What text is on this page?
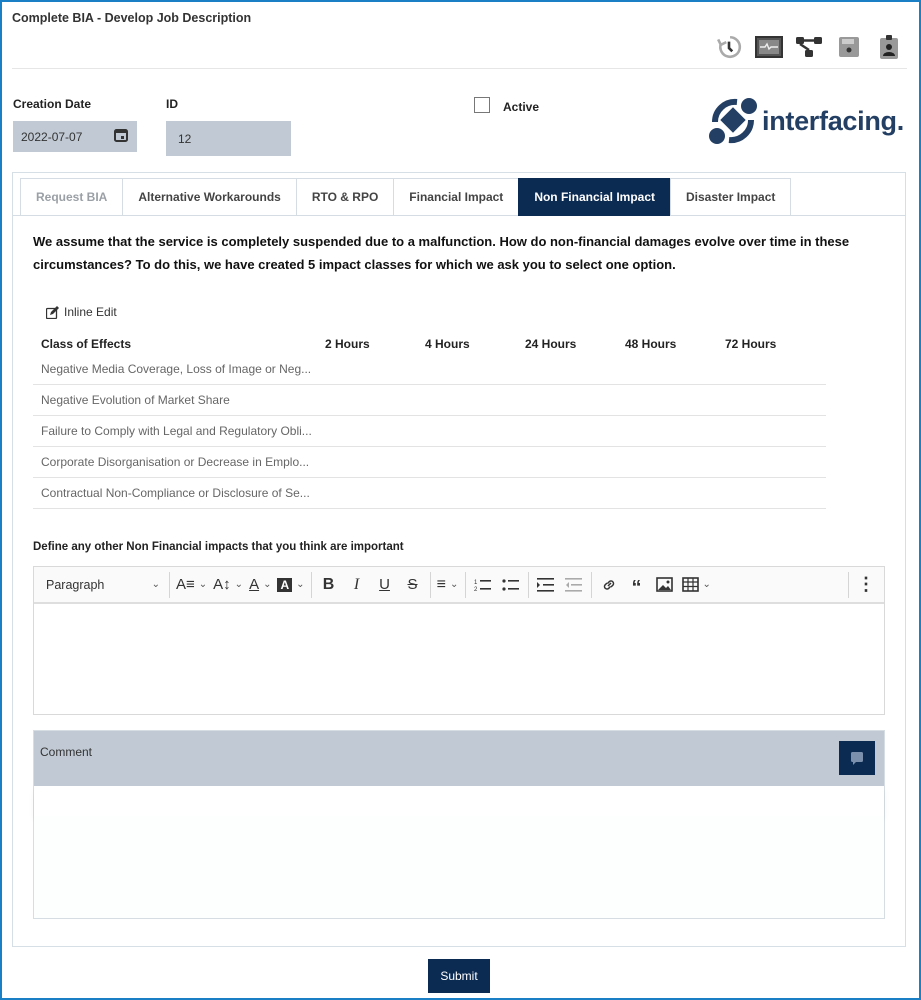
Complete BIA - Develop Job Description
Creation Date
2022-07-07
ID
12
Active	interfacing.
Request BIA	Alternative Workarounds	RTO & RPO	Financial Impact	Non Financial Impact	Disaster Impact
We assume that the service is completely suspended due to a malfunction. How do non-financial damages evolve over time in these circumstances? To do this, we have created 5 impact classes for which we ask you to select one option.
Inline Edit
Class of Effects	2 Hours	4 Hours	24 Hours	48 Hours	72 Hours
Negative Media Coverage, Loss of Image or Neg...
Negative Evolution of Market Share
Failure to Comply with Legal and Regulatory Obli...
Corporate Disorganisation or Decrease in Emplo...
Contractual Non-Compliance or Disclosure of Se...
Define any other Non Financial impacts that you think are important
Paragraph	⌄ A≡ ⌄ A↕ ⌄ A ⌄ A ⌄ B I U S ≡ ⌄	1
2	“	⌄	⋮
Comment
Submit
